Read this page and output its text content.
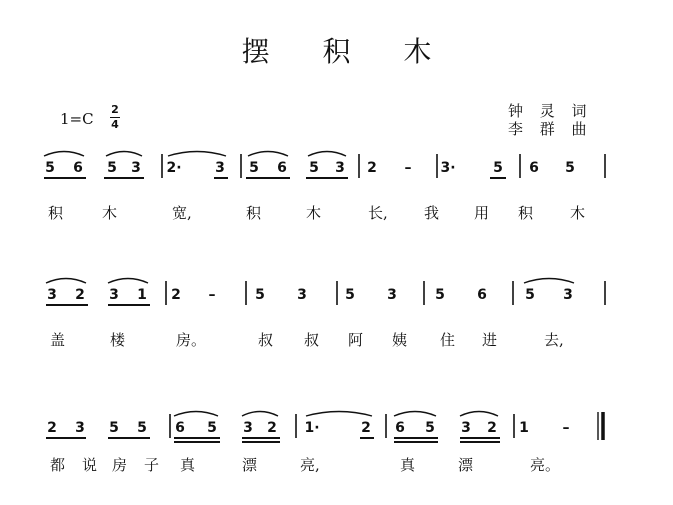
摆 积 木
1=C
2
4
钟 灵 词
李 群 曲
5 6 5 3 2· 3 5 6 5 3 2 – 3·	5 6 5
积	木	宽,	积	木	长, 我 用 积 木
3 2 3 1 2 –	5 3	5 3	5 6	5 3
盖	楼	房。	叔 叔 阿 姨 住 进	去,
2 3 5 5 6 5 3 2 1·	2 6 5 3 2 1 –
都 说 房 子 真	漂	亮,	真	漂	亮。
